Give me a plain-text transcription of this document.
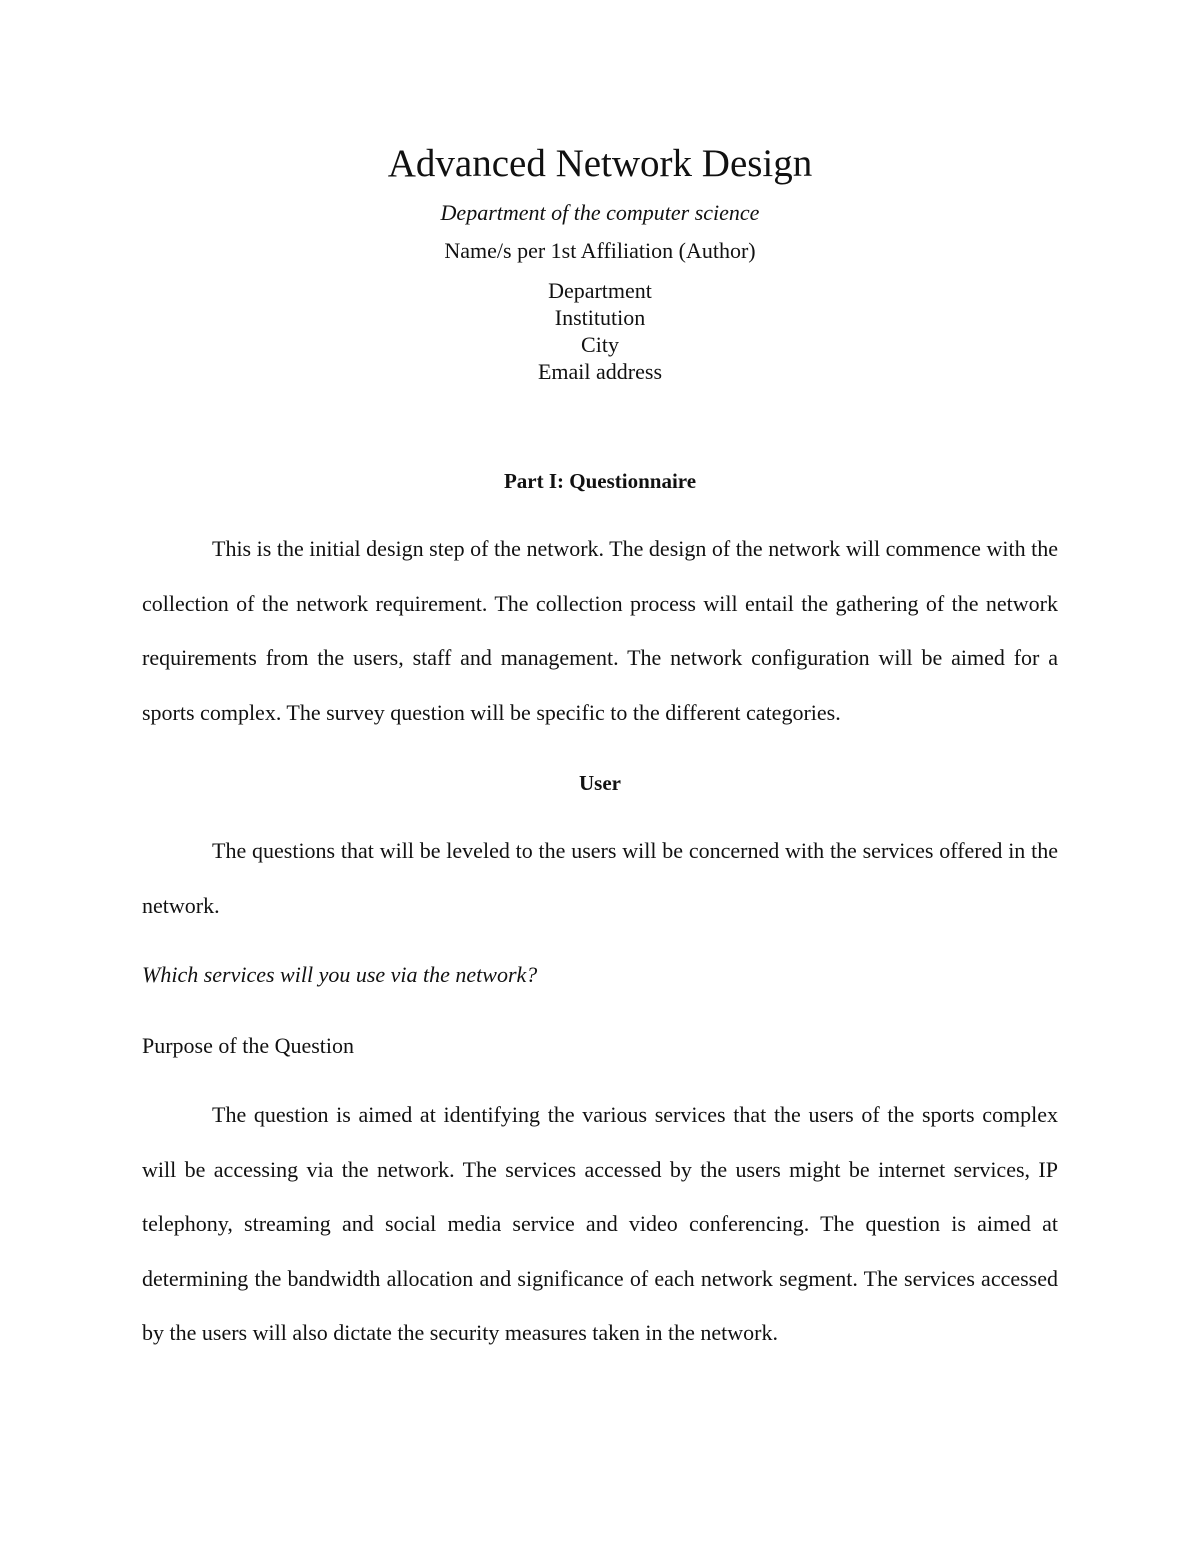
Advanced Network Design
Department of the computer science
Name/s per 1st Affiliation (Author)
Department
Institution
City
Email address
Part I: Questionnaire

This is the initial design step of the network. The design of the network will commence with the collection of the network requirement. The collection process will entail the gathering of the network requirements from the users, staff and management. The network configuration will be aimed for a sports complex. The survey question will be specific to the different categories.

User

The questions that will be leveled to the users will be concerned with the services offered in the network.

Which services will you use via the network?
Purpose of the Question

The question is aimed at identifying the various services that the users of the sports complex will be accessing via the network. The services accessed by the users might be internet services, IP telephony, streaming and social media service and video conferencing. The question is aimed at determining the bandwidth allocation and significance of each network segment. The services accessed by the users will also dictate the security measures taken in the network.
